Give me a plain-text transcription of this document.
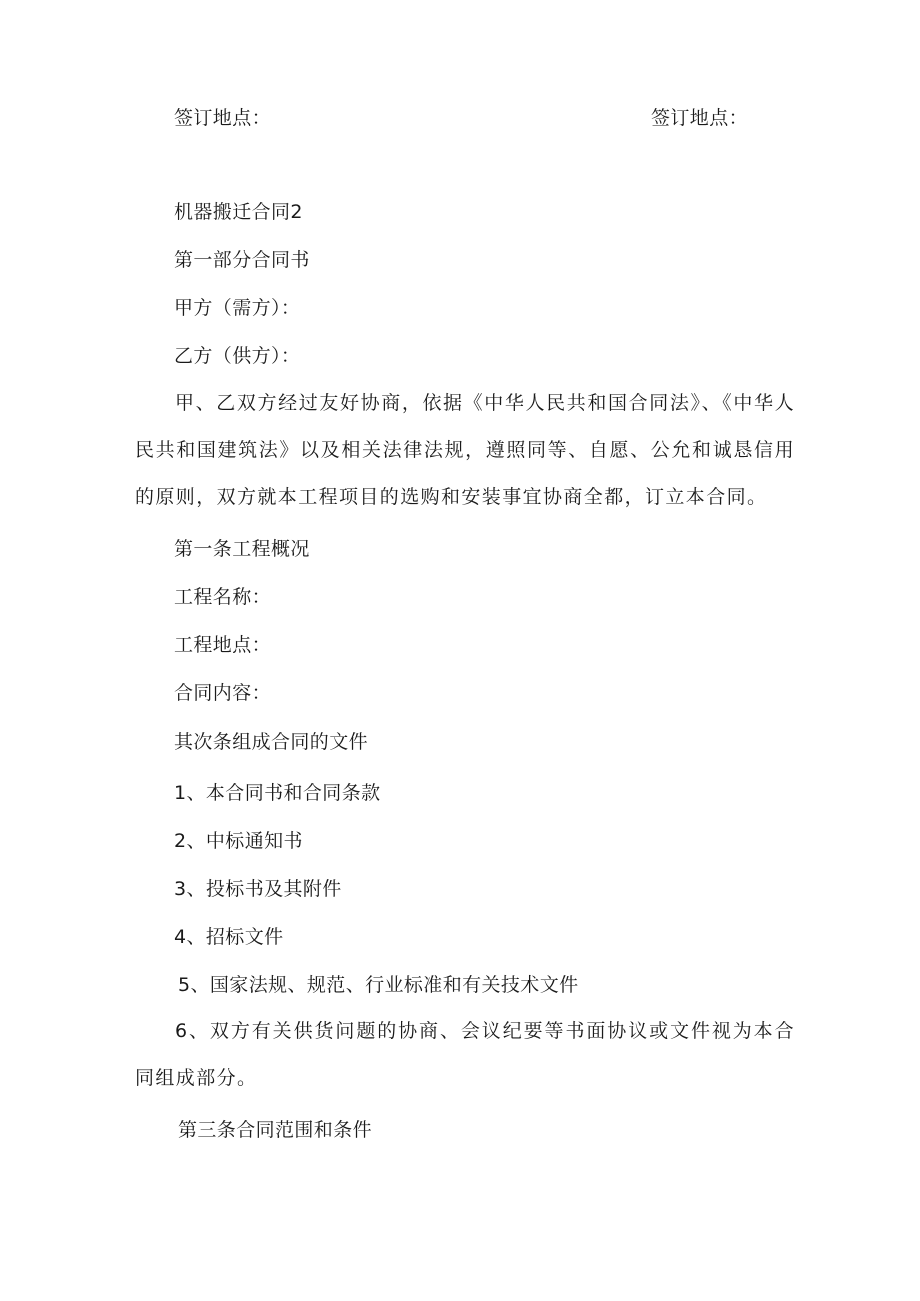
签订地点：	签订地点：
机器搬迁合同2
第一部分合同书
甲方（需方）：
乙方（供方）：
甲、乙双方经过友好协商，依据《中华人民共和国合同法》、《中华人民共和国建筑法》以及相关法律法规，遵照同等、自愿、公允和诚恳信用的原则，双方就本工程项目的选购和安装事宜协商全都，订立本合同。
第一条工程概况
工程名称：
工程地点：
合同内容：
其次条组成合同的文件
1、本合同书和合同条款
2、中标通知书
3、投标书及其附件
4、招标文件
5、国家法规、规范、行业标准和有关技术文件
6、双方有关供货问题的协商、会议纪要等书面协议或文件视为本合同组成部分。
第三条合同范围和条件
